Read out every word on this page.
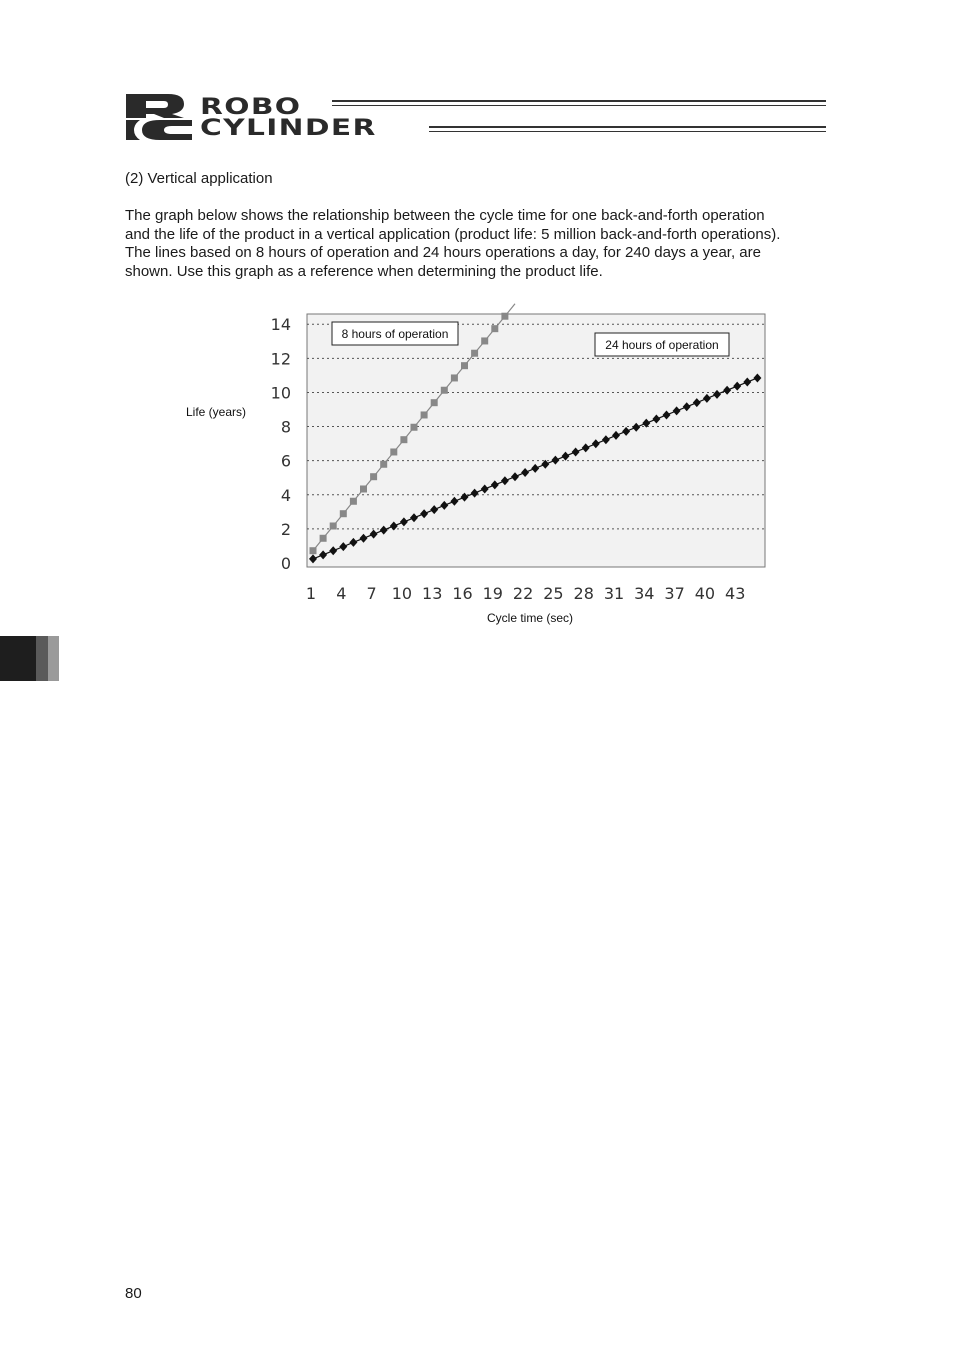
ROBO
CYLINDER
(2) Vertical application
The graph below shows the relationship between the cycle time for one back-and-forth operation
and the life of the product in a vertical application (product life: 5 million back-and-forth operations).
The lines based on 8 hours of operation and 24 hours operations a day, for 240 days a year, are
shown. Use this graph as a reference when determining the product life.
0
2
4
6
8
10
12
14
1 4 7 10 13 16 19 22 25 28 31 34 37 40 43
8 hours of operation
24 hours of operation
Life (years)
Cycle time (sec)
80
